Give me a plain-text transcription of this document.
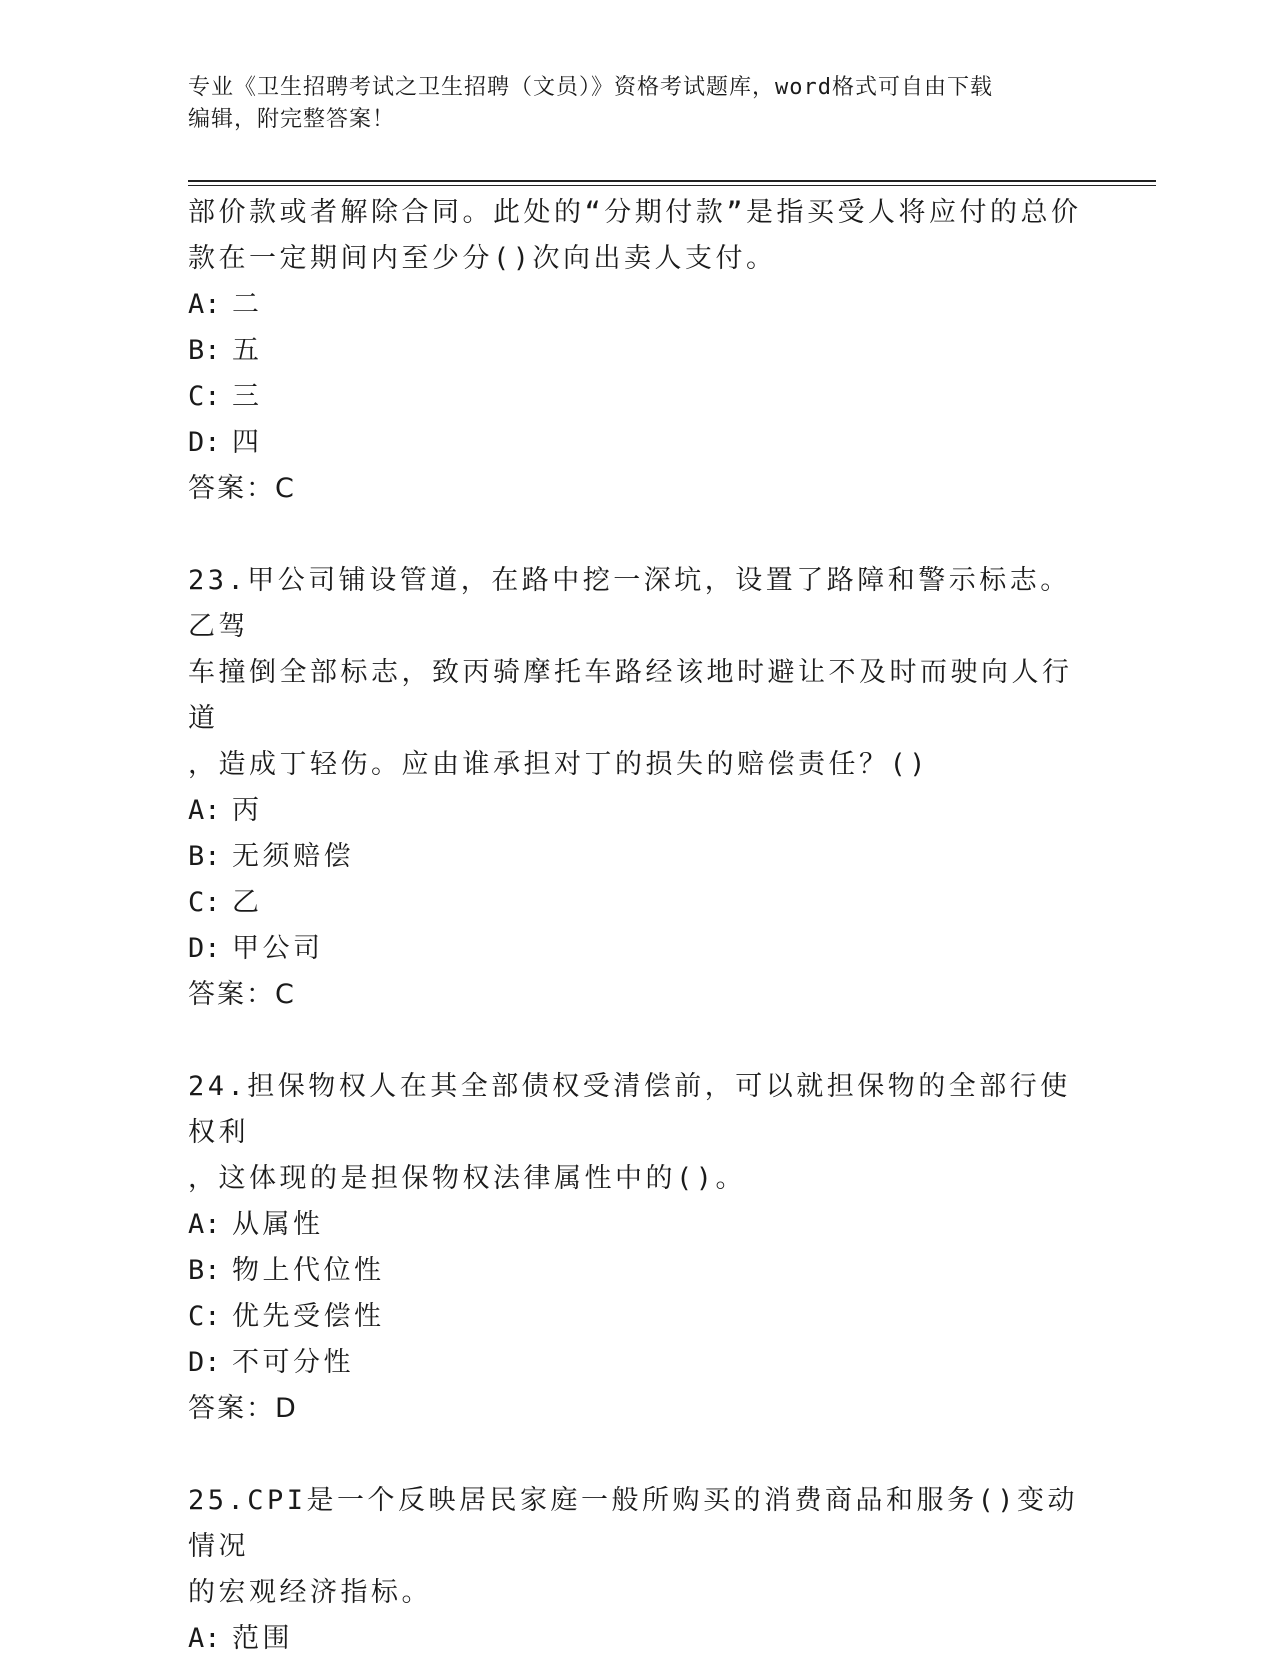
专业《卫生招聘考试之卫生招聘（文员）》资格考试题库，word格式可自由下载
编辑，附完整答案！

部价款或者解除合同。此处的“分期付款”是指买受人将应付的总价

款在一定期间内至少分()次向出卖人支付。

A: 二

B: 五

C: 三

D: 四

答案：C

23.甲公司铺设管道，在路中挖一深坑，设置了路障和警示标志。乙驾

车撞倒全部标志，致丙骑摩托车路经该地时避让不及时而驶向人行道

，造成丁轻伤。应由谁承担对丁的损失的赔偿责任？()

A: 丙

B: 无须赔偿

C: 乙

D: 甲公司

答案：C

24.担保物权人在其全部债权受清偿前，可以就担保物的全部行使权利

，这体现的是担保物权法律属性中的()。

A: 从属性

B: 物上代位性

C: 优先受偿性

D: 不可分性

答案：D

25.CPI是一个反映居民家庭一般所购买的消费商品和服务()变动情况

的宏观经济指标。

A: 范围
